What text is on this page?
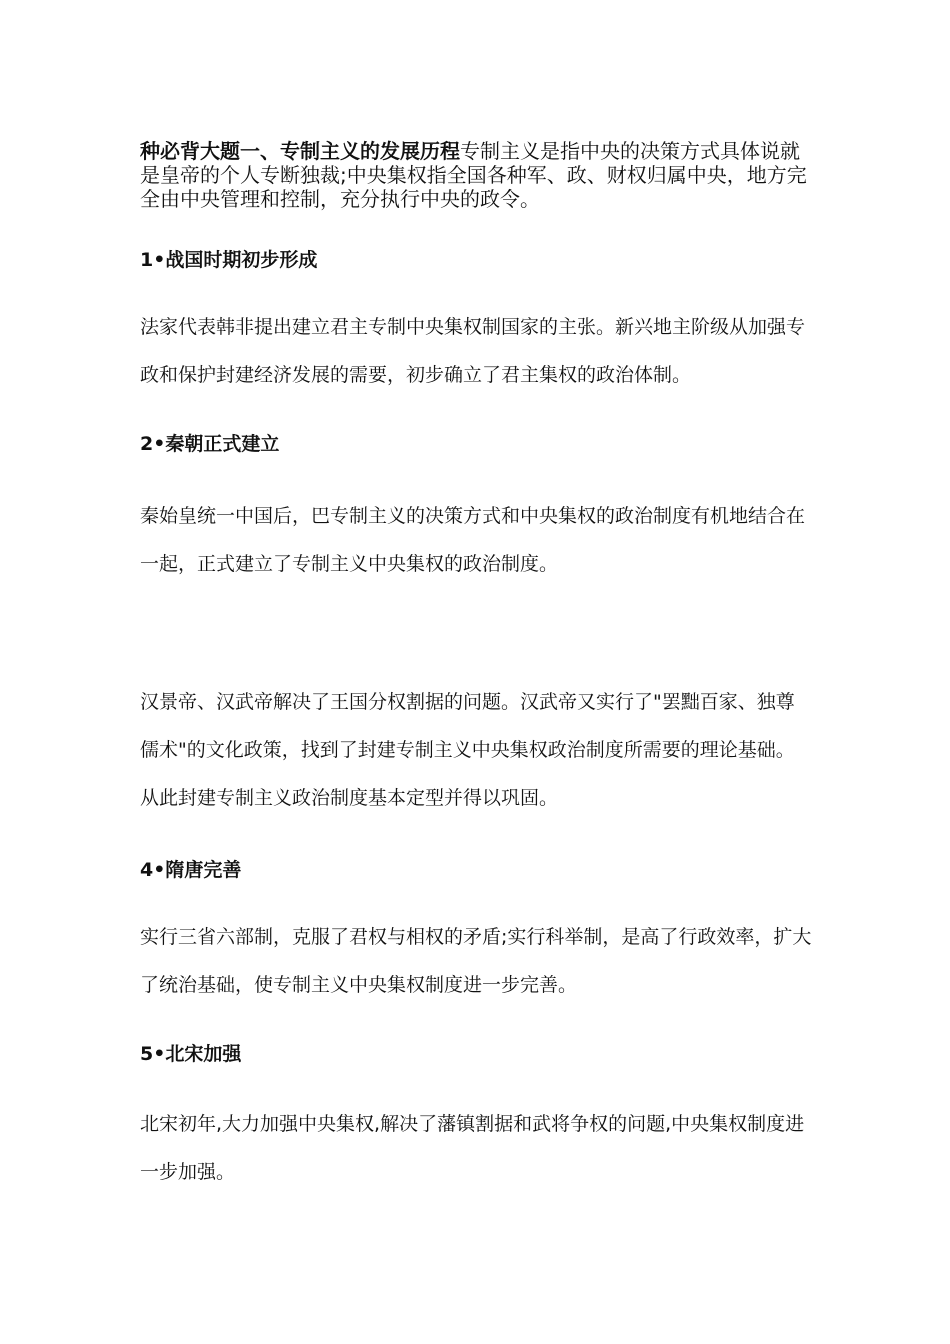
种必背大题一、专制主义的发展历程专制主义是指中央的决策方式具体说就是皇帝的个人专断独裁;中央集权指全国各种军、政、财权归属中央，地方完全由中央管理和控制，充分执行中央的政令。

1•战国时期初步形成

法家代表韩非提出建立君主专制中央集权制国家的主张。新兴地主阶级从加强专政和保护封建经济发展的需要，初步确立了君主集权的政治体制。

2•秦朝正式建立

秦始皇统一中国后，巴专制主义的决策方式和中央集权的政治制度有机地结合在一起，正式建立了专制主义中央集权的政治制度。

汉景帝、汉武帝解决了王国分权割据的问题。汉武帝又实行了"罢黜百家、独尊儒术"的文化政策，找到了封建专制主义中央集权政治制度所需要的理论基础。从此封建专制主义政治制度基本定型并得以巩固。

4•隋唐完善

实行三省六部制，克服了君权与相权的矛盾;实行科举制，是高了行政效率，扩大了统治基础，使专制主义中央集权制度进一步完善。

5•北宋加强

北宋初年,大力加强中央集权,解决了藩镇割据和武将争权的问题,中央集权制度进一步加强。
